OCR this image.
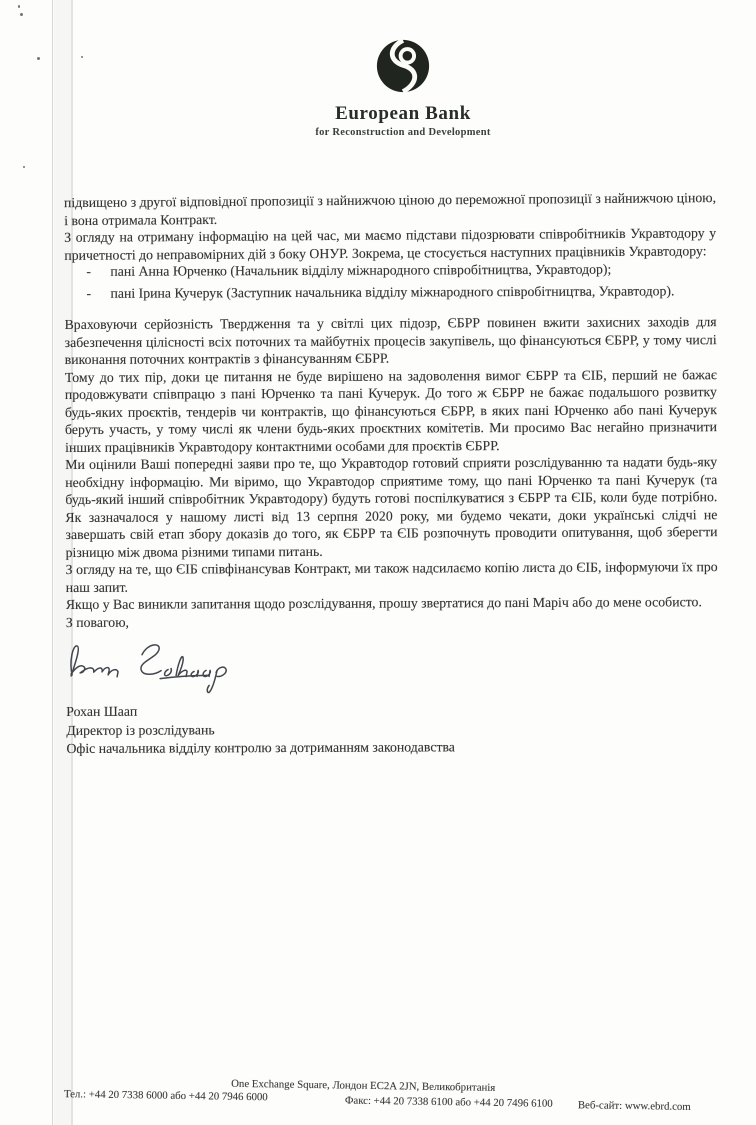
European Bank
for Reconstruction and Development

підвищено з другої відповідної пропозиції з найнижчою ціною до переможної пропозиції з найнижчою ціною, і вона отримала Контракт.

З огляду на отриману інформацію на цей час, ми маємо підстави підозрювати співробітників Укравтодору у причетності до неправомірних дій з боку ОНУР. Зокрема, це стосується наступних працівників Укравтодору:

-	пані Анна Юрченко (Начальник відділу міжнародного співробітництва, Укравтодор);
-	пані Ірина Кучерук (Заступник начальника відділу міжнародного співробітництва, Укравтодор).

Враховуючи серйозність Твердження та у світлі цих підозр, ЄБРР повинен вжити захисних заходів для забезпечення цілісності всіх поточних та майбутніх процесів закупівель, що фінансуються ЄБРР, у тому числі виконання поточних контрактів з фінансуванням ЄБРР.

Тому до тих пір, доки це питання не буде вирішено на задоволення вимог ЄБРР та ЄІБ, перший не бажає продовжувати співпрацю з пані Юрченко та пані Кучерук. До того ж ЄБРР не бажає подальшого розвитку будь-яких проєктів, тендерів чи контрактів, що фінансуються ЄБРР, в яких пані Юрченко або пані Кучерук беруть участь, у тому числі як члени будь-яких проєктних комітетів. Ми просимо Вас негайно призначити інших працівників Укравтодору контактними особами для проєктів ЄБРР.

Ми оцінили Ваші попередні заяви про те, що Укравтодор готовий сприяти розслідуванню та надати будь-яку необхідну інформацію. Ми віримо, що Укравтодор сприятиме тому, що пані Юрченко та пані Кучерук (та будь-який інший співробітник Укравтодору) будуть готові поспілкуватися з ЄБРР та ЄІБ, коли буде потрібно. Як зазначалося у нашому листі від 13 серпня 2020 року, ми будемо чекати, доки українські слідчі не завершать свій етап збору доказів до того, як ЄБРР та ЄІБ розпочнуть проводити опитування, щоб зберегти різницю між двома різними типами питань.

З огляду на те, що ЄІБ співфінансував Контракт, ми також надсилаємо копію листа до ЄІБ, інформуючи їх про наш запит.

Якщо у Вас виникли запитання щодо розслідування, прошу звертатися до пані Маріч або до мене особисто.

З повагою,

Рохан Шаап
Директор із розслідувань
Офіс начальника відділу контролю за дотриманням законодавства
One Exchange Square, Лондон EC2A 2JN, Великобританія
Тел.: +44 20 7338 6000 або +44 20 7946 6000	Факс: +44 20 7338 6100 або +44 20 7496 6100 Веб-сайт: www.ebrd.com
